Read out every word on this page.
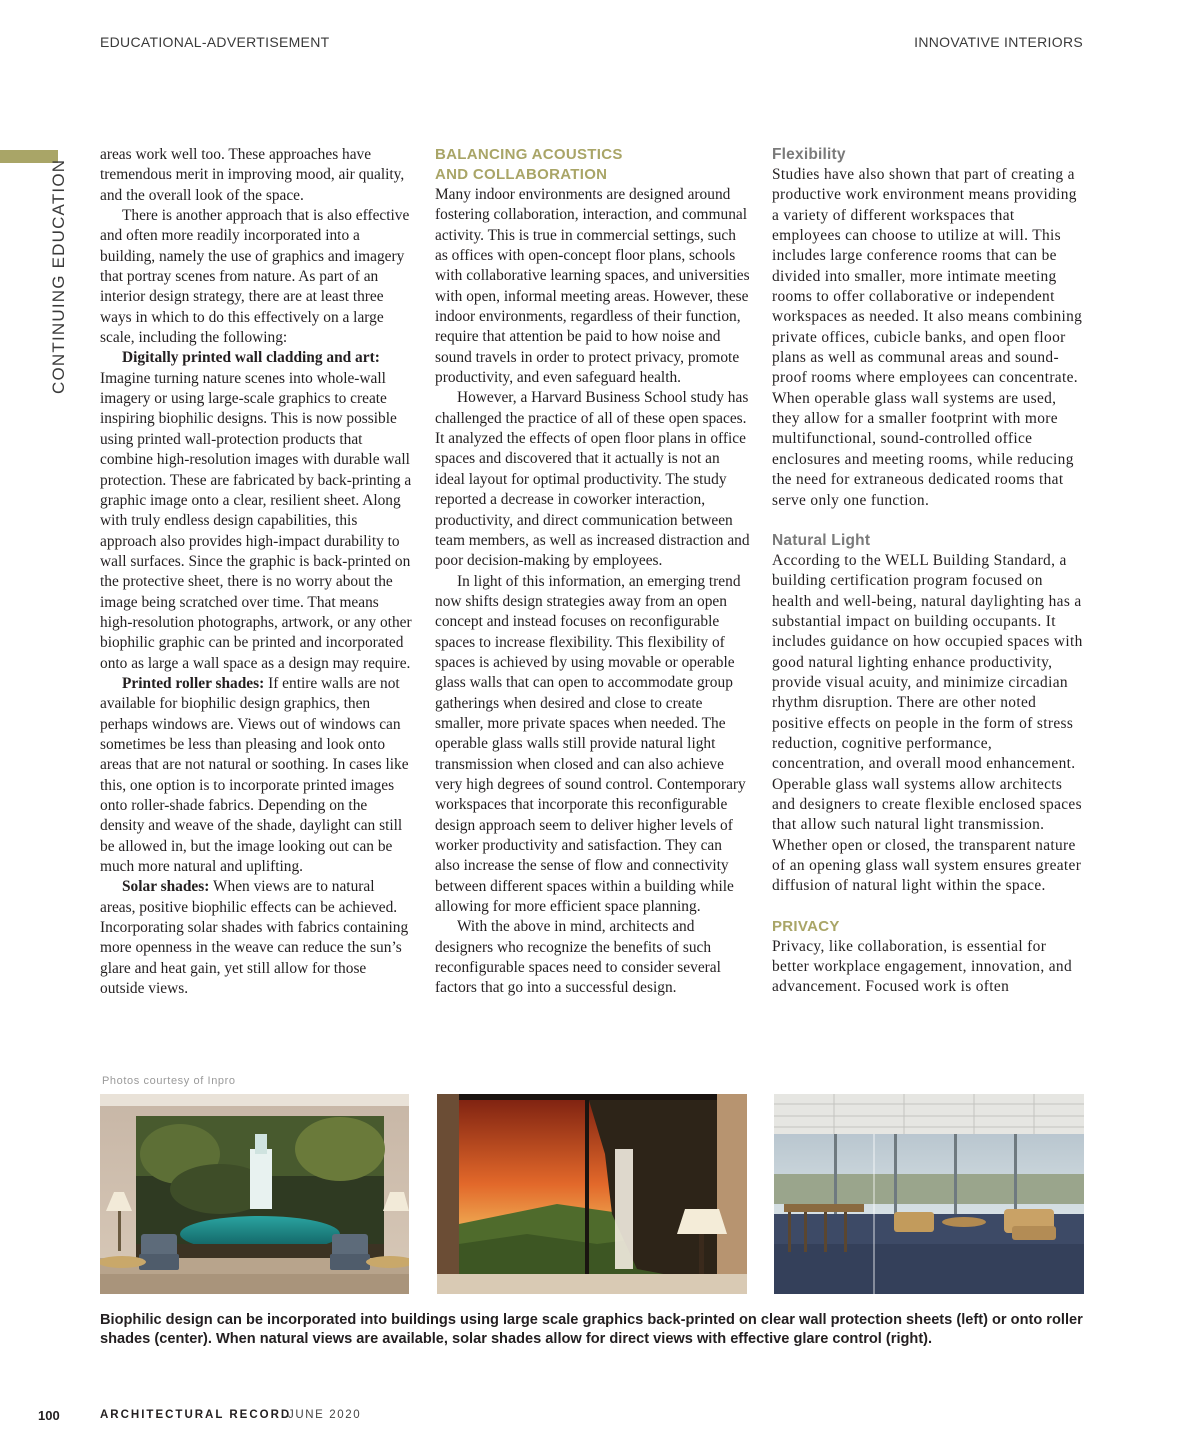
EDUCATIONAL-ADVERTISEMENT	INNOVATIVE INTERIORS
CONTINUING EDUCATION

areas work well too. These approaches have tremendous merit in improving mood, air quality, and the overall look of the space.

There is another approach that is also effective and often more readily incorporated into a building, namely the use of graphics and imagery that portray scenes from nature. As part of an interior design strategy, there are at least three ways in which to do this effectively on a large scale, including the following:

Digitally printed wall cladding and art:
Imagine turning nature scenes into whole-wall imagery or using large-scale graphics to create inspiring biophilic designs. This is now possible using printed wall-protection products that combine high-resolution images with durable wall protection. These are fabricated by back-printing a graphic image onto a clear, resilient sheet. Along with truly endless design capabilities, this approach also provides high-impact durability to wall surfaces. Since the graphic is back-printed on the protective sheet, there is no worry about the image being scratched over time. That means high-resolution photographs, artwork, or any other biophilic graphic can be printed and incorporated onto as large a wall space as a design may require.

Printed roller shades: If entire walls are not available for biophilic design graphics, then perhaps windows are. Views out of windows can sometimes be less than pleasing and look onto areas that are not natural or soothing. In cases like this, one option is to incorporate printed images onto roller-shade fabrics. Depending on the density and weave of the shade, daylight can still be allowed in, but the image looking out can be much more natural and uplifting.

Solar shades: When views are to natural areas, positive biophilic effects can be achieved. Incorporating solar shades with fabrics containing more openness in the weave can reduce the sun’s glare and heat gain, yet still allow for those outside views.

BALANCING ACOUSTICS
AND COLLABORATION

Many indoor environments are designed around fostering collaboration, interaction, and communal activity. This is true in commercial settings, such as offices with open-concept floor plans, schools with collaborative learning spaces, and universities with open, informal meeting areas. However, these indoor environments, regardless of their function, require that attention be paid to how noise and sound travels in order to protect privacy, promote productivity, and even safeguard health.

However, a Harvard Business School study has challenged the practice of all of these open spaces. It analyzed the effects of open floor plans in office spaces and discovered that it actually is not an ideal layout for optimal productivity. The study reported a decrease in coworker interaction, productivity, and direct communication between team members, as well as increased distraction and poor decision-making by employees.

In light of this information, an emerging trend now shifts design strategies away from an open concept and instead focuses on reconfigurable spaces to increase flexibility. This flexibility of spaces is achieved by using movable or operable glass walls that can open to accommodate group gatherings when desired and close to create smaller, more private spaces when needed. The operable glass walls still provide natural light transmission when closed and can also achieve very high degrees of sound control. Contemporary workspaces that incorporate this reconfigurable design approach seem to deliver higher levels of worker productivity and satisfaction. They can also increase the sense of flow and connectivity between different spaces within a building while allowing for more efficient space planning.

With the above in mind, architects and designers who recognize the benefits of such reconfigurable spaces need to consider several factors that go into a successful design.

Flexibility

Studies have also shown that part of creating a productive work environment means providing a variety of different workspaces that employees can choose to utilize at will. This includes large conference rooms that can be divided into smaller, more intimate meeting rooms to offer collaborative or independent workspaces as needed. It also means combining private offices, cubicle banks, and open floor plans as well as communal areas and sound-proof rooms where employees can concentrate. When operable glass wall systems are used, they allow for a smaller footprint with more multifunctional, sound-controlled office enclosures and meeting rooms, while reducing the need for extraneous dedicated rooms that serve only one function.

Natural Light

According to the WELL Building Standard, a building certification program focused on health and well-being, natural daylighting has a substantial impact on building occupants. It includes guidance on how occupied spaces with good natural lighting enhance productivity, provide visual acuity, and minimize circadian rhythm disruption. There are other noted positive effects on people in the form of stress reduction, cognitive performance, concentration, and overall mood enhancement. Operable glass wall systems allow architects and designers to create flexible enclosed spaces that allow such natural light transmission. Whether open or closed, the transparent nature of an opening glass wall system ensures greater diffusion of natural light within the space.

PRIVACY

Privacy, like collaboration, is essential for better workplace engagement, innovation, and advancement. Focused work is often

Photos courtesy of Inpro
Biophilic design can be incorporated into buildings using large scale graphics back-printed on clear wall protection sheets (left) or onto roller shades (center). When natural views are available, solar shades allow for direct views with effective glare control (right).
100	ARCHITECTURAL RECORD
JUNE 2020
